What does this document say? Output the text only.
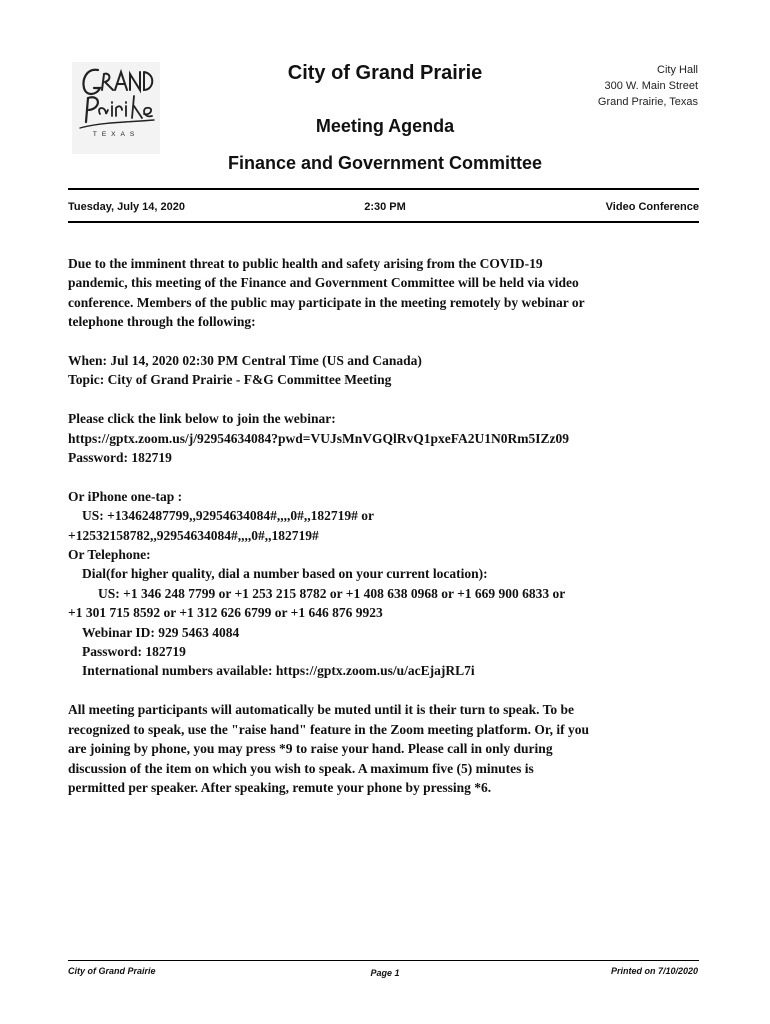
TEXAS
City of Grand Prairie	City Hall
300 W. Main Street
Grand Prairie, Texas
Meeting Agenda
Finance and Government Committee
Tuesday, July 14, 2020	2:30 PM	Video Conference

Due to the imminent threat to public health and safety arising from the COVID-19

pandemic, this meeting of the Finance and Government Committee will be held via video

conference. Members of the public may participate in the meeting remotely by webinar or

telephone through the following:

When: Jul 14, 2020 02:30 PM Central Time (US and Canada)

Topic: City of Grand Prairie - F&G Committee Meeting

Please click the link below to join the webinar:

https://gptx.zoom.us/j/92954634084?pwd=VUJsMnVGQlRvQ1pxeFA2U1N0Rm5IZz09

Password: 182719

Or iPhone one-tap :

US: +13462487799,,92954634084#,,,,0#,,182719# or

+12532158782,,92954634084#,,,,0#,,182719#

Or Telephone:

Dial(for higher quality, dial a number based on your current location):

US: +1 346 248 7799 or +1 253 215 8782 or +1 408 638 0968 or +1 669 900 6833 or

+1 301 715 8592 or +1 312 626 6799 or +1 646 876 9923

Webinar ID: 929 5463 4084

Password: 182719

International numbers available: https://gptx.zoom.us/u/acEjajRL7i

All meeting participants will automatically be muted until it is their turn to speak. To be

recognized to speak, use the "raise hand" feature in the Zoom meeting platform. Or, if you

are joining by phone, you may press *9 to raise your hand. Please call in only during

discussion of the item on which you wish to speak. A maximum five (5) minutes is

permitted per speaker. After speaking, remute your phone by pressing *6.

City of Grand Prairie	Page 1	Printed on 7/10/2020
